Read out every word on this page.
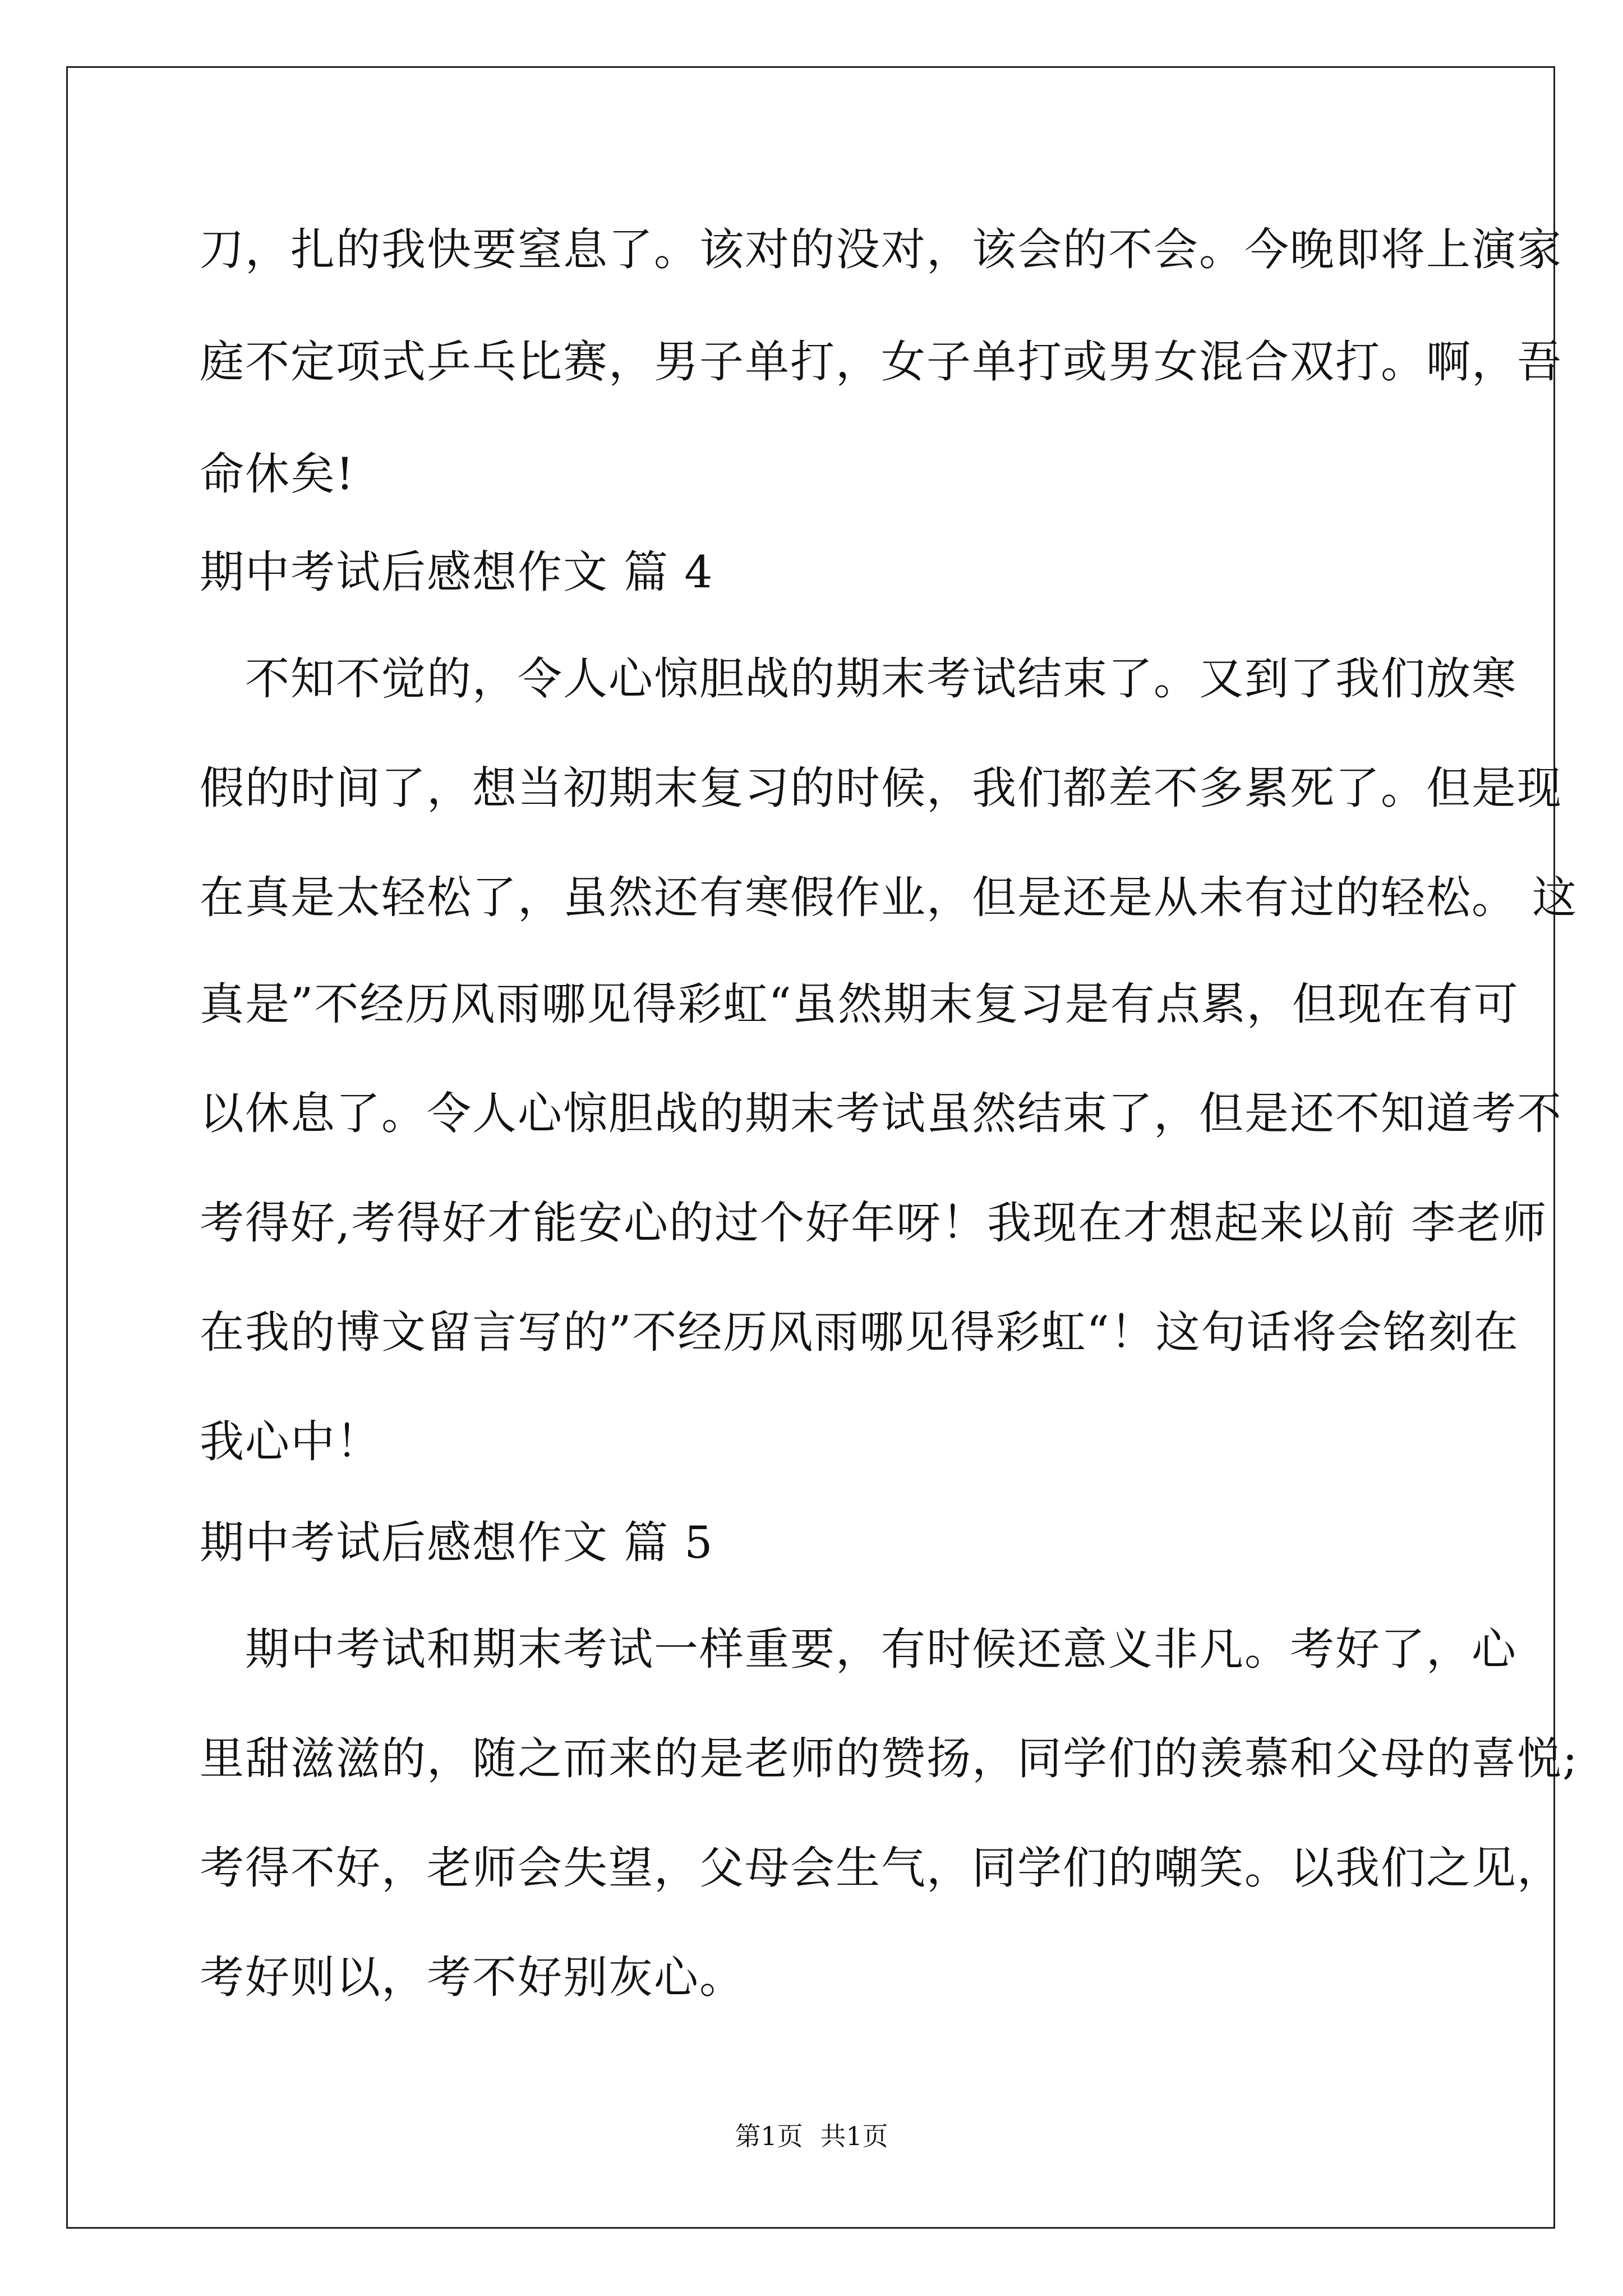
刀，扎的我快要窒息了。该对的没对，该会的不会。今晚即将上演家
庭不定项式乒乓比赛，男子单打，女子单打或男女混合双打。啊，吾
命休矣!
期中考试后感想作文 篇 4
　不知不觉的，令人心惊胆战的期末考试结束了。又到了我们放寒
假的时间了，想当初期末复习的时候，我们都差不多累死了。但是现
在真是太轻松了，虽然还有寒假作业，但是还是从未有过的轻松。 这
真是”不经历风雨哪见得彩虹“虽然期末复习是有点累，但现在有可
以休息了。令人心惊胆战的期末考试虽然结束了，但是还不知道考不
考得好,考得好才能安心的过个好年呀！我现在才想起来以前 李老师
在我的博文留言写的”不经历风雨哪见得彩虹“！这句话将会铭刻在
我心中！
期中考试后感想作文 篇 5
　期中考试和期末考试一样重要，有时候还意义非凡。考好了，心
里甜滋滋的，随之而来的是老师的赞扬，同学们的羡慕和父母的喜悦;
考得不好，老师会失望，父母会生气，同学们的嘲笑。以我们之见，
考好则以，考不好别灰心。
第1页 共1页
